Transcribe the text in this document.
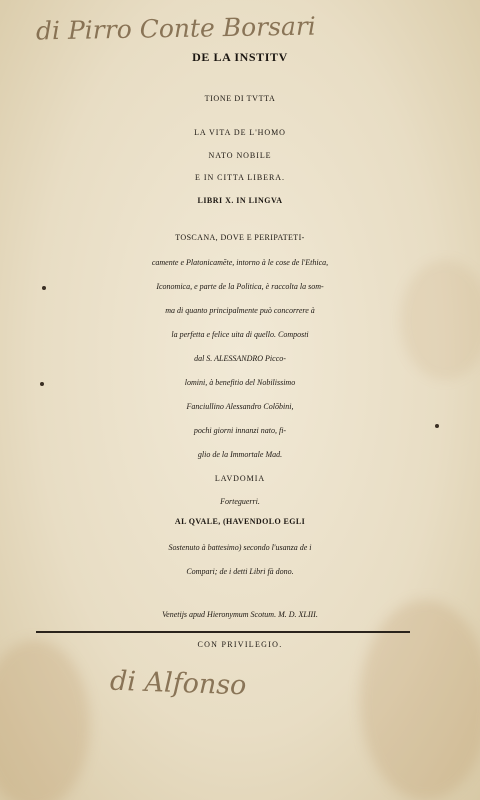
di Pirro Conte Borsari
DE LA INSTITV
TIONE DI TVTTA
LA VITA DE L'HOMO
NATO NOBILE
E IN CITTA LIBERA.
LIBRI X. IN LINGVA
TOSCANA, DOVE E PERIPATETI-
camente e Platonicamēte, intorno à le cose de l'Ethica,
Iconomica, e parte de la Politica, è raccolta la som-
ma di quanto principalmente può concorrere à
la perfetta e felice uita di quello. Composti
dal S. ALESSANDRO Picco-
lomini, à benefitio del Nobilissimo
Fanciullino Alessandro Colōbini,
pochi giorni innanzi nato, fi-
glio de la Immortale Mad.
LAVDOMIA
Forteguerri.
AL QVALE, (HAVENDOLO EGLI
Sostenuto à battesimo) secondo l'usanza de i
Compari; de i detti Libri fà dono.
Venetijs apud Hieronymum Scotum. M. D. XLIII.
CON PRIVILEGIO.
di Alfonso
